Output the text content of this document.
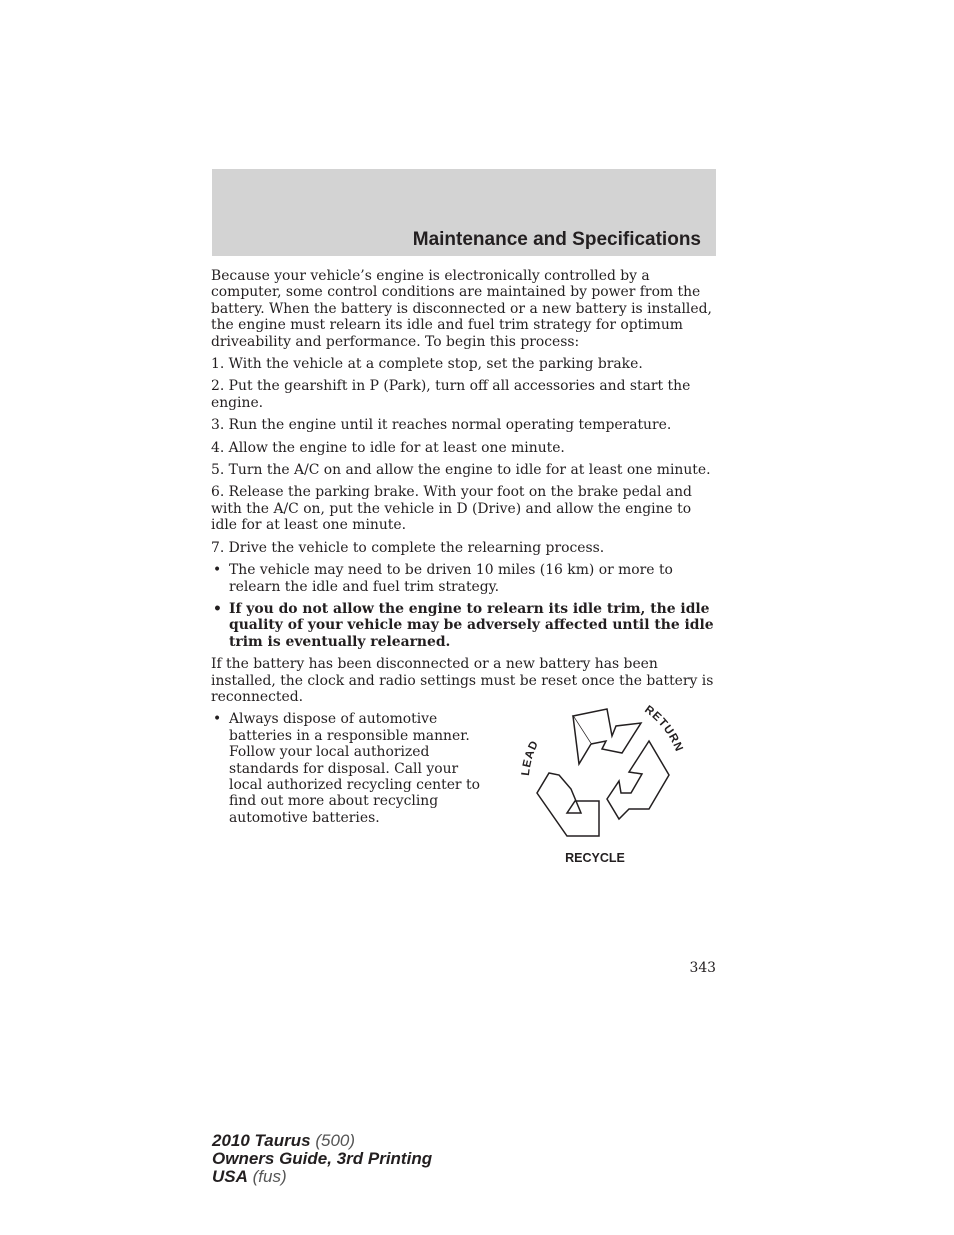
Maintenance and Specifications

Because your vehicle’s engine is electronically controlled by a computer, some control conditions are maintained by power from the battery. When the battery is disconnected or a new battery is installed, the engine must relearn its idle and fuel trim strategy for optimum driveability and performance. To begin this process:

1. With the vehicle at a complete stop, set the parking brake.

2. Put the gearshift in P (Park), turn off all accessories and start the engine.

3. Run the engine until it reaches normal operating temperature.

4. Allow the engine to idle for at least one minute.

5. Turn the A/C on and allow the engine to idle for at least one minute.

6. Release the parking brake. With your foot on the brake pedal and with the A/C on, put the vehicle in D (Drive) and allow the engine to idle for at least one minute.

7. Drive the vehicle to complete the relearning process.

• The vehicle may need to be driven 10 miles (16 km) or more to relearn the idle and fuel trim strategy.
• If you do not allow the engine to relearn its idle trim, the idle quality of your vehicle may be adversely affected until the idle trim is eventually relearned.

If the battery has been disconnected or a new battery has been installed, the clock and radio settings must be reset once the battery is reconnected.

• Always dispose of automotive batteries in a responsible manner. Follow your local authorized standards for disposal. Call your local authorized recycling center to find out more about recycling automotive batteries.
LEAD
RETURN
RECYCLE
343
2010 Taurus (500)
Owners Guide, 3rd Printing
USA (fus)
